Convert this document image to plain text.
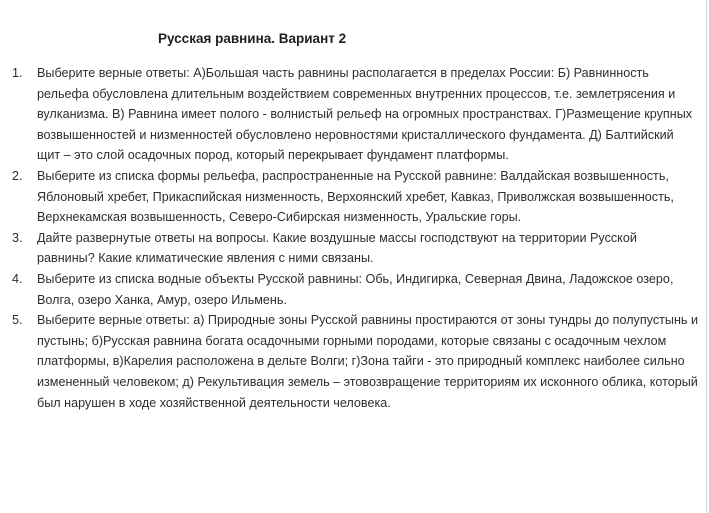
Русская равнина. Вариант 2
1.	Выберите верные ответы: А)Большая часть равнины располагается в пределах России: Б) Равнинность рельефа обусловлена длительным воздействием современных внутренних процессов, т.е. землетрясения и вулканизма. В) Равнина имеет полого - волнистый рельеф на огромных пространствах. Г)Размещение крупных возвышенностей и низменностей обусловлено неровностями кристаллического фундамента. Д) Балтийский щит – это слой осадочных пород, который перекрывает фундамент платформы.
2.	Выберите из списка формы рельефа, распространенные на Русской равнине: Валдайская возвышенность, Яблоновый хребет, Прикаспийская низменность, Верхоянский хребет, Кавказ, Приволжская возвышенность, Верхнекамская возвышенность, Северо-Сибирская низменность, Уральские горы.
3.	Дайте развернутые ответы на вопросы. Какие воздушные массы господствуют на территории Русской равнины? Какие климатические явления с ними связаны.
4.	Выберите из списка водные объекты Русской равнины: Обь, Индигирка, Северная Двина, Ладожское озеро, Волга, озеро Ханка, Амур, озеро Ильмень.
5.	Выберите верные ответы: а) Природные зоны Русской равнины простираются от зоны тундры до полупустынь и пустынь; б)Русская равнина богата осадочными горными породами, которые связаны с осадочным чехлом платформы, в)Карелия расположена в дельте Волги; г)Зона тайги - это природный комплекс наиболее сильно измененный человеком; д) Рекультивация земель – этовозвращение территориям их исконного облика, который был нарушен в ходе хозяйственной деятельности человека.
